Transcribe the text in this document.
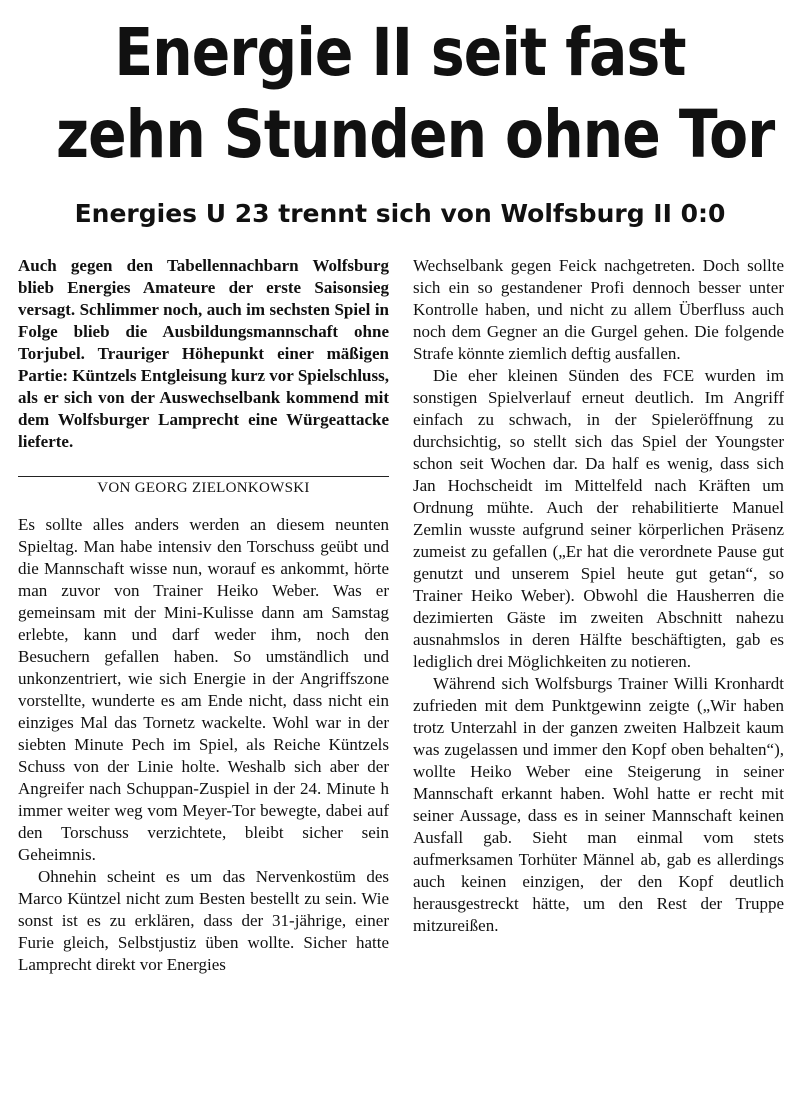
Energie II seit fast
zehn Stunden ohne Tor
Energies U 23 trennt sich von Wolfsburg II 0:0

Auch gegen den Tabellennachbarn Wolfsburg blieb Energies Amateure der erste Saisonsieg versagt. Schlimmer noch, auch im sechsten Spiel in Folge blieb die Ausbildungsmannschaft ohne Torjubel. Trauriger Höhepunkt einer mäßigen Partie: Küntzels Entgleisung kurz vor Spielschluss, als er sich von der Auswechselbank kommend mit dem Wolfsburger Lamprecht eine Würgeattacke lieferte.

VON GEORG ZIELONKOWSKI

Es sollte alles anders werden an diesem neunten Spieltag. Man habe intensiv den Torschuss geübt und die Mannschaft wisse nun, worauf es ankommt, hörte man zuvor von Trainer Heiko Weber. Was er gemeinsam mit der Mini-Kulisse dann am Samstag erlebte, kann und darf weder ihm, noch den Besuchern gefallen haben. So umständlich und unkonzentriert, wie sich Energie in der Angriffszone vorstellte, wunderte es am Ende nicht, dass nicht ein einziges Mal das Tornetz wackelte. Wohl war in der siebten Minute Pech im Spiel, als Reiche Küntzels Schuss von der Linie holte. Weshalb sich aber der Angreifer nach Schuppan-Zuspiel in der 24. Minute h immer weiter weg vom Meyer-Tor bewegte, dabei auf den Torschuss verzichtete, bleibt sicher sein Geheimnis.

Ohnehin scheint es um das Nervenkostüm des Marco Küntzel nicht zum Besten bestellt zu sein. Wie sonst ist es zu erklären, dass der 31-jährige, einer Furie gleich, Selbstjustiz üben wollte. Sicher hatte Lamprecht direkt vor Energies

Wechselbank gegen Feick nachgetreten. Doch sollte sich ein so gestandener Profi dennoch besser unter Kontrolle haben, und nicht zu allem Überfluss auch noch dem Gegner an die Gurgel gehen. Die folgende Strafe könnte ziemlich deftig ausfallen.

Die eher kleinen Sünden des FCE wurden im sonstigen Spielverlauf erneut deutlich. Im Angriff einfach zu schwach, in der Spieleröffnung zu durchsichtig, so stellt sich das Spiel der Youngster schon seit Wochen dar. Da half es wenig, dass sich Jan Hochscheidt im Mittelfeld nach Kräften um Ordnung mühte. Auch der rehabilitierte Manuel Zemlin wusste aufgrund seiner körperlichen Präsenz zumeist zu gefallen („Er hat die verordnete Pause gut genutzt und unserem Spiel heute gut getan“, so Trainer Heiko Weber). Obwohl die Hausherren die dezimierten Gäste im zweiten Abschnitt nahezu ausnahmslos in deren Hälfte beschäftigten, gab es lediglich drei Möglichkeiten zu notieren.

Während sich Wolfsburgs Trainer Willi Kronhardt zufrieden mit dem Punktgewinn zeigte („Wir haben trotz Unterzahl in der ganzen zweiten Halbzeit kaum was zugelassen und immer den Kopf oben behalten“), wollte Heiko Weber eine Steigerung in seiner Mannschaft erkannt haben. Wohl hatte er recht mit seiner Aussage, dass es in seiner Mannschaft keinen Ausfall gab. Sieht man einmal vom stets aufmerksamen Torhüter Männel ab, gab es allerdings auch keinen einzigen, der den Kopf deutlich herausgestreckt hätte, um den Rest der Truppe mitzureißen.
